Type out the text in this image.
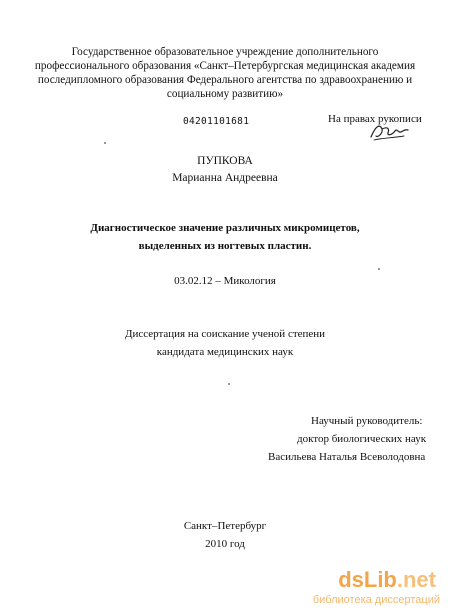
Государственное образовательное учреждение дополнительного
профессионального образования «Санкт–Петербургская медицинская академия
последипломного образования Федерального агентства по здравоохранению и
социальному развитию»
04201101681	На правах рукописи
ПУПКОВА
Марианна Андреевна
Диагностическое значение различных микромицетов,
выделенных из ногтевых пластин.
03.02.12 – Микология
Диссертация на соискание ученой степени
кандидата медицинских наук
Научный руководитель:
доктор биологических наук
Васильева Наталья Всеволодовна
Санкт–Петербург
2010 год
dsLib.net
библиотека диссертаций
